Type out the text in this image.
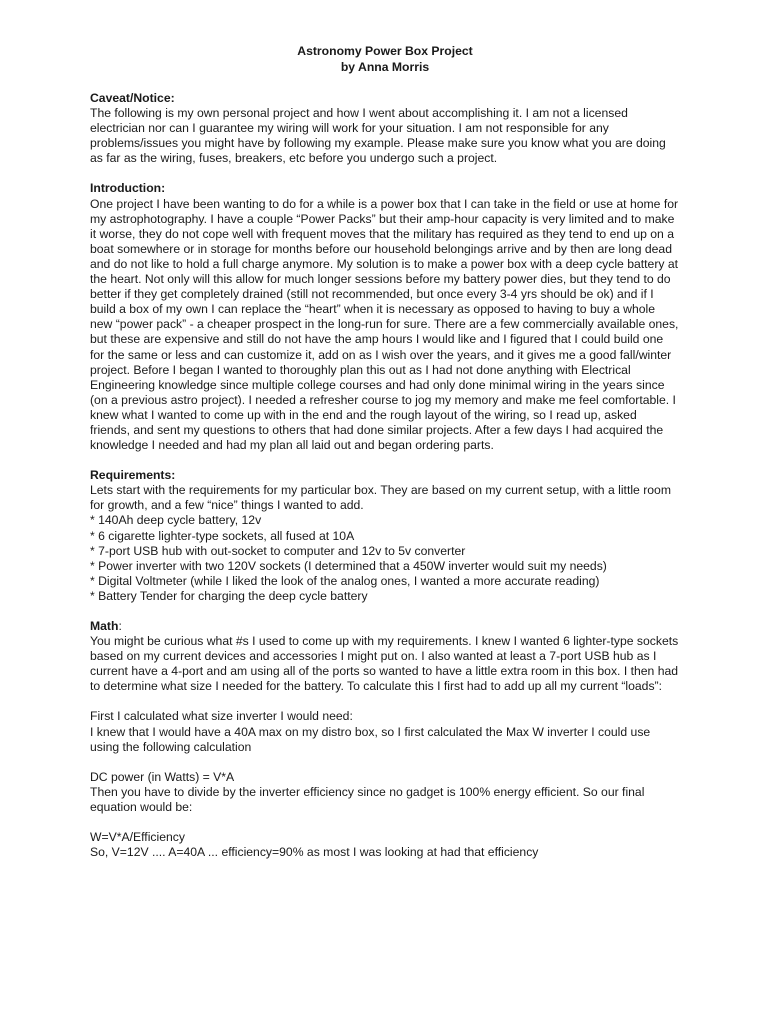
Astronomy Power Box Project

by Anna Morris

Caveat/Notice:

The following is my own personal project and how I went about accomplishing it. I am not a licensed electrician nor can I guarantee my wiring will work for your situation. I am not responsible for any problems/issues you might have by following my example. Please make sure you know what you are doing as far as the wiring, fuses, breakers, etc before you undergo such a project.

Introduction:

One project I have been wanting to do for a while is a power box that I can take in the field or use at home for my astrophotography. I have a couple “Power Packs” but their amp-hour capacity is very limited and to make it worse, they do not cope well with frequent moves that the military has required as they tend to end up on a boat somewhere or in storage for months before our household belongings arrive and by then are long dead and do not like to hold a full charge anymore. My solution is to make a power box with a deep cycle battery at the heart. Not only will this allow for much longer sessions before my battery power dies, but they tend to do better if they get completely drained (still not recommended, but once every 3-4 yrs should be ok) and if I build a box of my own I can replace the “heart” when it is necessary as opposed to having to buy a whole new “power pack” - a cheaper prospect in the long-run for sure. There are a few commercially available ones, but these are expensive and still do not have the amp hours I would like and I figured that I could build one for the same or less and can customize it, add on as I wish over the years, and it gives me a good fall/winter project. Before I began I wanted to thoroughly plan this out as I had not done anything with Electrical Engineering knowledge since multiple college courses and had only done minimal wiring in the years since (on a previous astro project). I needed a refresher course to jog my memory and make me feel comfortable. I knew what I wanted to come up with in the end and the rough layout of the wiring, so I read up, asked friends, and sent my questions to others that had done similar projects. After a few days I had acquired the knowledge I needed and had my plan all laid out and began ordering parts.

Requirements:

Lets start with the requirements for my particular box. They are based on my current setup, with a little room for growth, and a few “nice” things I wanted to add.

* 140Ah deep cycle battery, 12v
* 6 cigarette lighter-type sockets, all fused at 10A
* 7-port USB hub with out-socket to computer and 12v to 5v converter
* Power inverter with two 120V sockets (I determined that a 450W inverter would suit my needs)
* Digital Voltmeter (while I liked the look of the analog ones, I wanted a more accurate reading)
* Battery Tender for charging the deep cycle battery

Math:

You might be curious what #s I used to come up with my requirements. I knew I wanted 6 lighter-type sockets based on my current devices and accessories I might put on. I also wanted at least a 7-port USB hub as I current have a 4-port and am using all of the ports so wanted to have a little extra room in this box. I then had to determine what size I needed for the battery. To calculate this I first had to add up all my current “loads”:

First I calculated what size inverter I would need:

I knew that I would have a 40A max on my distro box, so I first calculated the Max W inverter I could use using the following calculation

DC power (in Watts) = V*A

Then you have to divide by the inverter efficiency since no gadget is 100% energy efficient. So our final equation would be:

W=V*A/Efficiency

So, V=12V .... A=40A ... efficiency=90% as most I was looking at had that efficiency
